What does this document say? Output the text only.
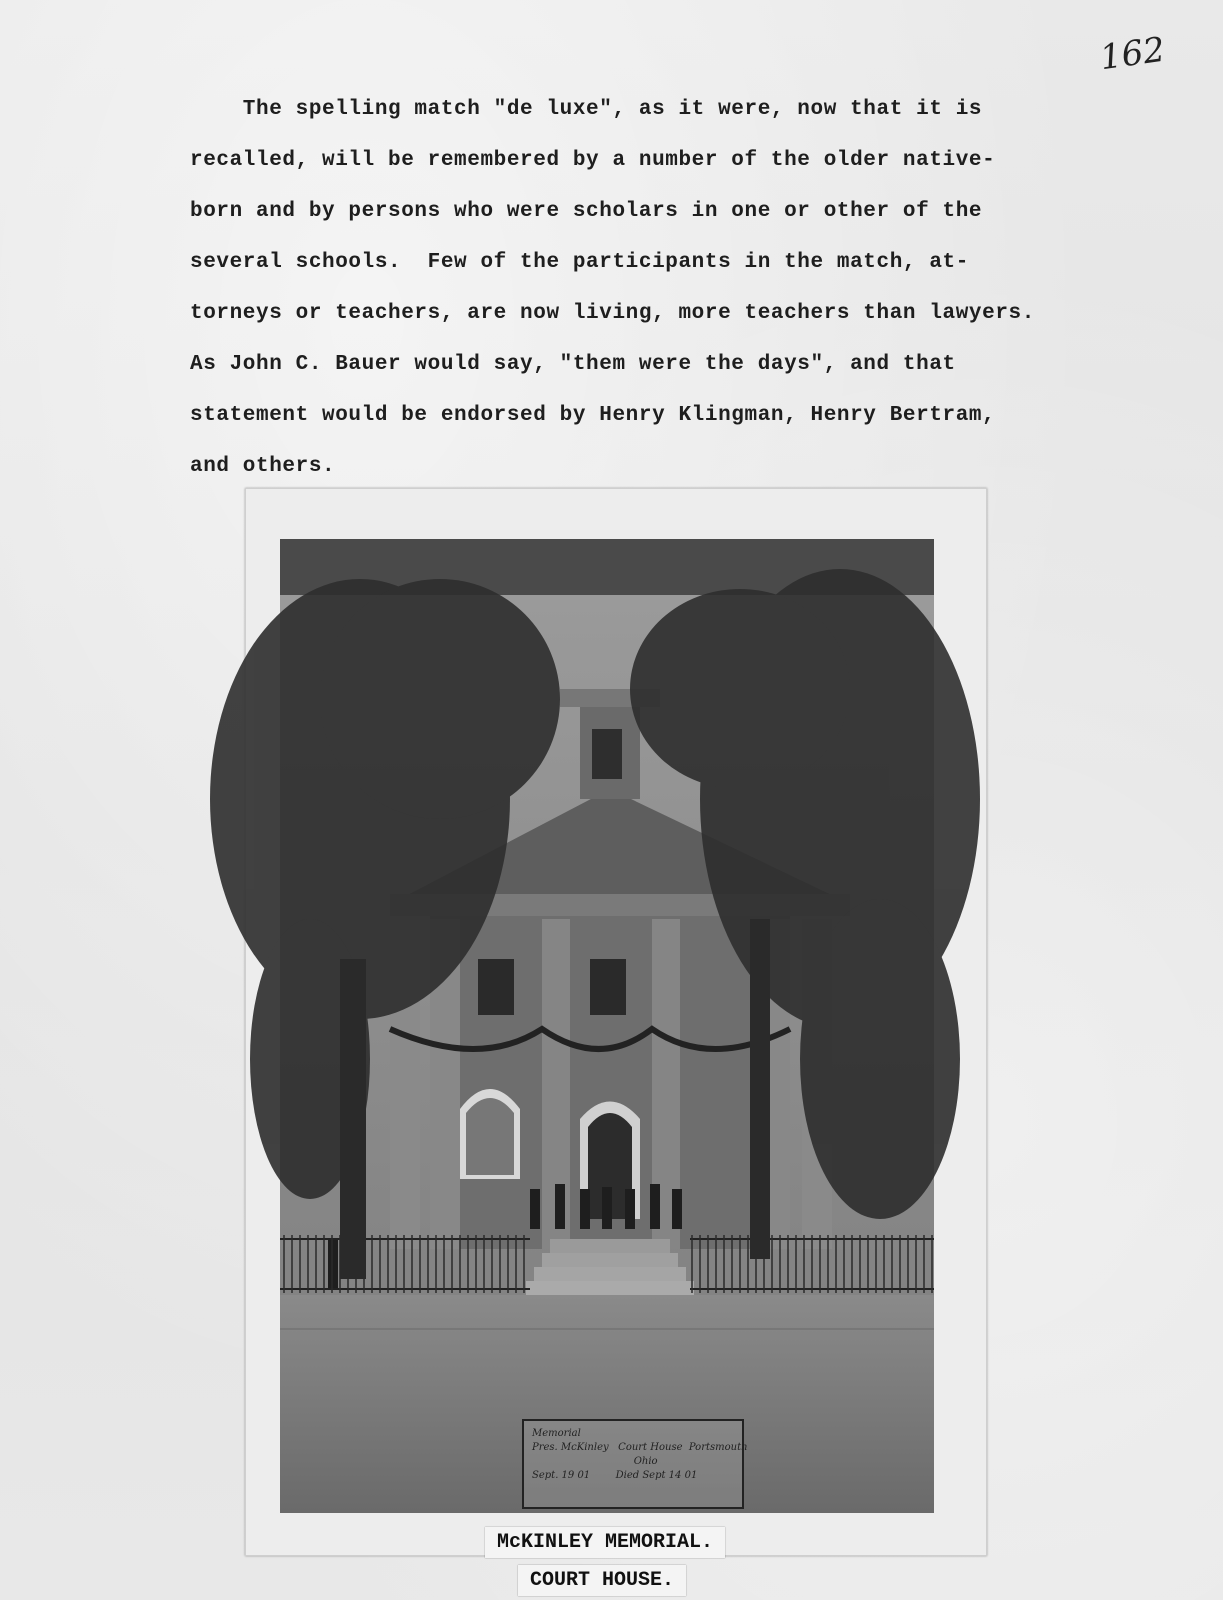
162
The spelling match "de luxe", as it were, now that it is
recalled, will be remembered by a number of the older native-
born and by persons who were scholars in one or other of the
several schools.  Few of the participants in the match, at-
torneys or teachers, are now living, more teachers than lawyers.
As John C. Bauer would say, "them were the days", and that
statement would be endorsed by Henry Klingman, Henry Bertram,
and others.
Memorial
Pres. McKinley   Court House  Portsmouth
Ohio
Sept. 19 01        Died Sept 14 01
McKINLEY MEMORIAL.
COURT HOUSE.
